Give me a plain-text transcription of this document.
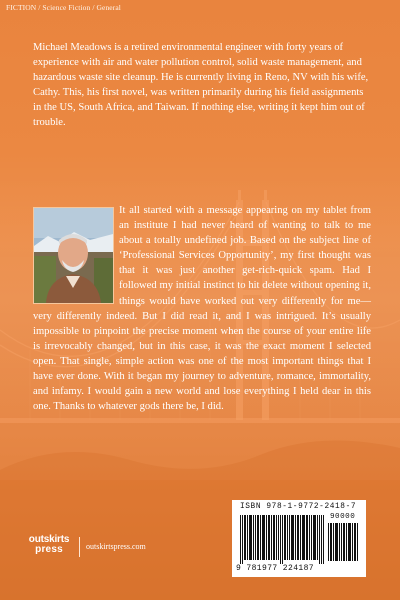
FICTION / Science Fiction / General

Michael Meadows is a retired environmental engineer with forty years of experience with air and water pollution control, solid waste management, and hazardous waste site cleanup. He is currently living in Reno, NV with his wife, Cathy. This, his first novel, was written primarily during his field assignments in the US, South Africa, and Taiwan. If nothing else, writing it kept him out of trouble.

It all started with a message appearing on my tablet from an institute I had never heard of wanting to talk to me about a totally undefined job. Based on the subject line of ‘Professional Services Opportunity’, my first thought was that it was just another get-rich-quick spam. Had I followed my initial instinct to hit delete without opening it, things would have worked out very differently for me—very differently indeed. But I did read it, and I was intrigued. It’s usually impossible to pinpoint the precise moment when the course of your entire life is irrevocably changed, but in this case, it was the exact moment I selected open. That single, simple action was one of the most important things that I have ever done. With it began my journey to adventure, romance, immortality, and infamy. I would gain a new world and lose everything I held dear in this one. Thanks to whatever gods there be, I did.

ISBN 978-1-9772-2418-7
90000
9 781977 224187
outskirts
press	outskirtspress.com
